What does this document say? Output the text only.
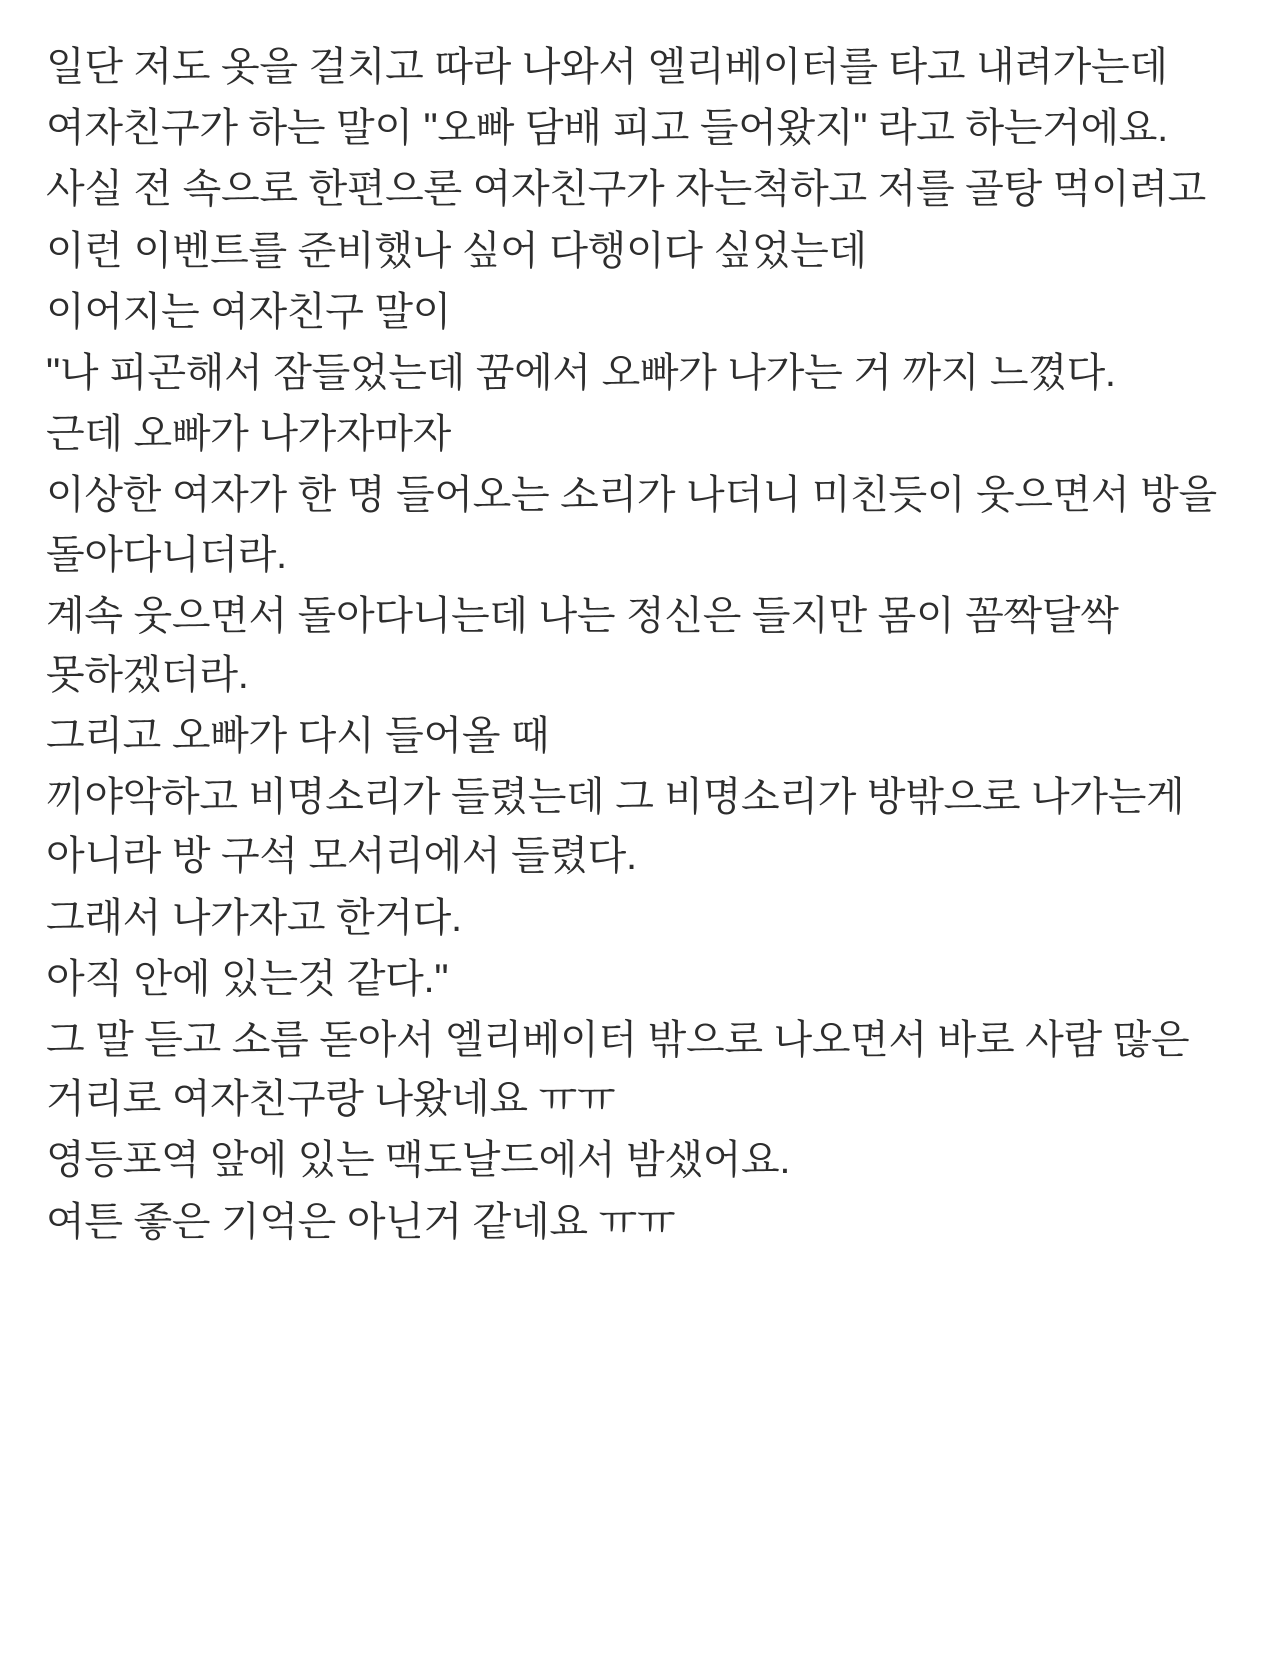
일단 저도 옷을 걸치고 따라 나와서 엘리베이터를 타고 내려가는데

여자친구가 하는 말이 "오빠 담배 피고 들어왔지" 라고 하는거에요.

사실 전 속으로 한편으론 여자친구가 자는척하고 저를 골탕 먹이려고

이런 이벤트를 준비했나 싶어 다행이다 싶었는데

이어지는 여자친구 말이

"나 피곤해서 잠들었는데 꿈에서 오빠가 나가는 거 까지 느꼈다.

근데 오빠가 나가자마자

이상한 여자가 한 명 들어오는 소리가 나더니 미친듯이 웃으면서 방을 돌아다니더라.

계속 웃으면서 돌아다니는데 나는 정신은 들지만 몸이 꼼짝달싹 못하겠더라.

그리고 오빠가 다시 들어올 때

끼야악하고 비명소리가 들렸는데 그 비명소리가 방밖으로 나가는게 아니라 방 구석 모서리에서 들렸다.

그래서 나가자고 한거다.

아직 안에 있는것 같다."

그 말 듣고 소름 돋아서 엘리베이터 밖으로 나오면서 바로 사람 많은 거리로 여자친구랑 나왔네요 ㅠㅠ

영등포역 앞에 있는 맥도날드에서 밤샜어요.

여튼 좋은 기억은 아닌거 같네요 ㅠㅠ
